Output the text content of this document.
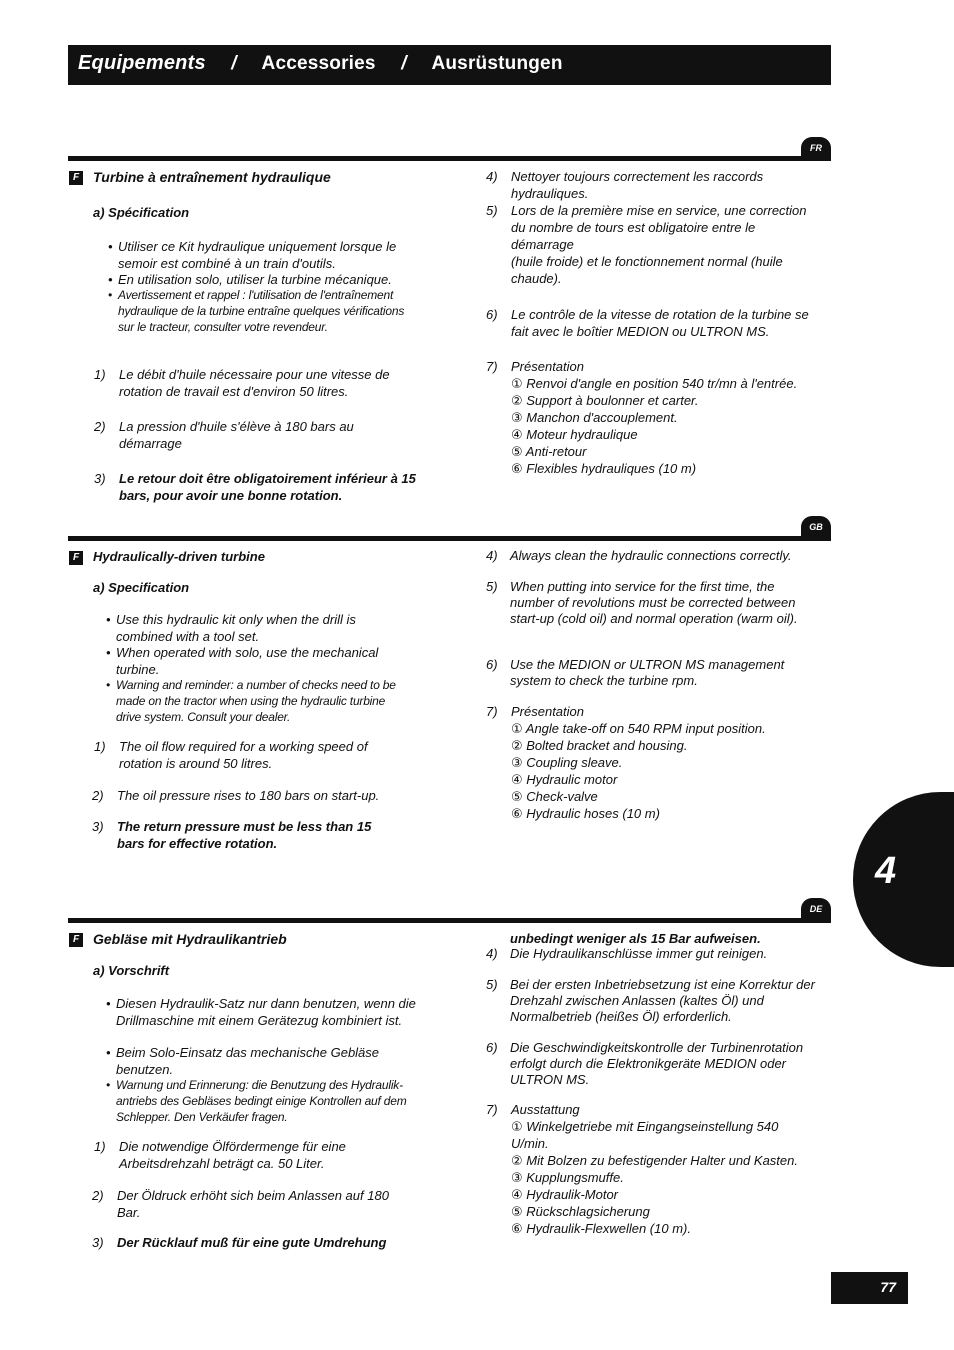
Equipements / Accessories / Ausrüstungen
FR
F Turbine à entraînement hydraulique
a) Spécification
• Utiliser ce Kit hydraulique uniquement lorsque le semoir est combiné à un train d'outils.
• En utilisation solo, utiliser la turbine mécanique.
• Avertissement et rappel : l'utilisation de l'entraînement hydraulique de la turbine entraîne quelques vérifications sur le tracteur, consulter votre revendeur.
1) Le débit d'huile nécessaire pour une vitesse de rotation de travail est d'environ 50 litres.
2) La pression d'huile s'élève à 180 bars au démarrage
3) Le retour doit être obligatoirement inférieur à 15 bars, pour avoir une bonne rotation.
4) Nettoyer toujours correctement les raccords hydrauliques.
5) Lors de la première mise en service, une correction du nombre de tours est obligatoire entre le démarrage
(huile froide) et le fonctionnement normal (huile chaude).
6) Le contrôle de la vitesse de rotation de la turbine se fait avec le boîtier MEDION ou ULTRON MS.
7) Présentation
① Renvoi d'angle en position 540 tr/mn à l'entrée.
② Support à boulonner et carter.
③ Manchon d'accouplement.
④ Moteur hydraulique
⑤ Anti-retour
⑥ Flexibles hydrauliques (10 m)
GB
F	Hydraulically-driven turbine
a) Specification
• Use this hydraulic kit only when the drill is combined with a tool set.
• When operated with solo, use the mechanical turbine.
• Warning and reminder: a number of checks need to be made on the tractor when using the hydraulic turbine drive system. Consult your dealer.
1) The oil flow required for a working speed of rotation is around 50 litres.
2) The oil pressure rises to 180 bars on start-up.
3) The return pressure must be less than 15 bars for effective rotation.
4) Always clean the hydraulic connections correctly.
5) When putting into service for the first time, the number of revolutions must be corrected between start-up (cold oil) and normal operation (warm oil).
6) Use the MEDION or ULTRON MS management system to check the turbine rpm.
7) Présentation
① Angle take-off on 540 RPM input position.
② Bolted bracket and housing.
③ Coupling sleave.
④ Hydraulic motor
⑤ Check-valve
⑥ Hydraulic hoses (10 m)
4
DE
F Gebläse mit Hydraulikantrieb
a) Vorschrift
• Diesen Hydraulik-Satz nur dann benutzen, wenn die Drillmaschine mit einem Gerätezug kombiniert ist.
• Beim Solo-Einsatz das mechanische Gebläse benutzen.
• Warnung und Erinnerung: die Benutzung des Hydraulik- antriebs des Gebläses bedingt einige Kontrollen auf dem Schlepper. Den Verkäufer fragen.
1) Die notwendige Ölfördermenge für eine Arbeitsdrehzahl beträgt ca. 50 Liter.
2) Der Öldruck erhöht sich beim Anlassen auf 180 Bar.
3) Der Rücklauf muß für eine gute Umdrehung
unbedingt weniger als 15 Bar aufweisen.
4) Die Hydraulikanschlüsse immer gut reinigen.
5) Bei der ersten Inbetriebsetzung ist eine Korrektur der Drehzahl zwischen Anlassen (kaltes Öl) und Normalbetrieb (heißes Öl) erforderlich.
6) Die Geschwindigkeitskontrolle der Turbinenrotation erfolgt durch die Elektronikgeräte MEDION oder ULTRON MS.
7) Ausstattung
① Winkelgetriebe mit Eingangseinstellung 540 U/min.
② Mit Bolzen zu befestigender Halter und Kasten.
③ Kupplungsmuffe.
④ Hydraulik-Motor
⑤ Rückschlagsicherung
⑥ Hydraulik-Flexwellen (10 m).
77
